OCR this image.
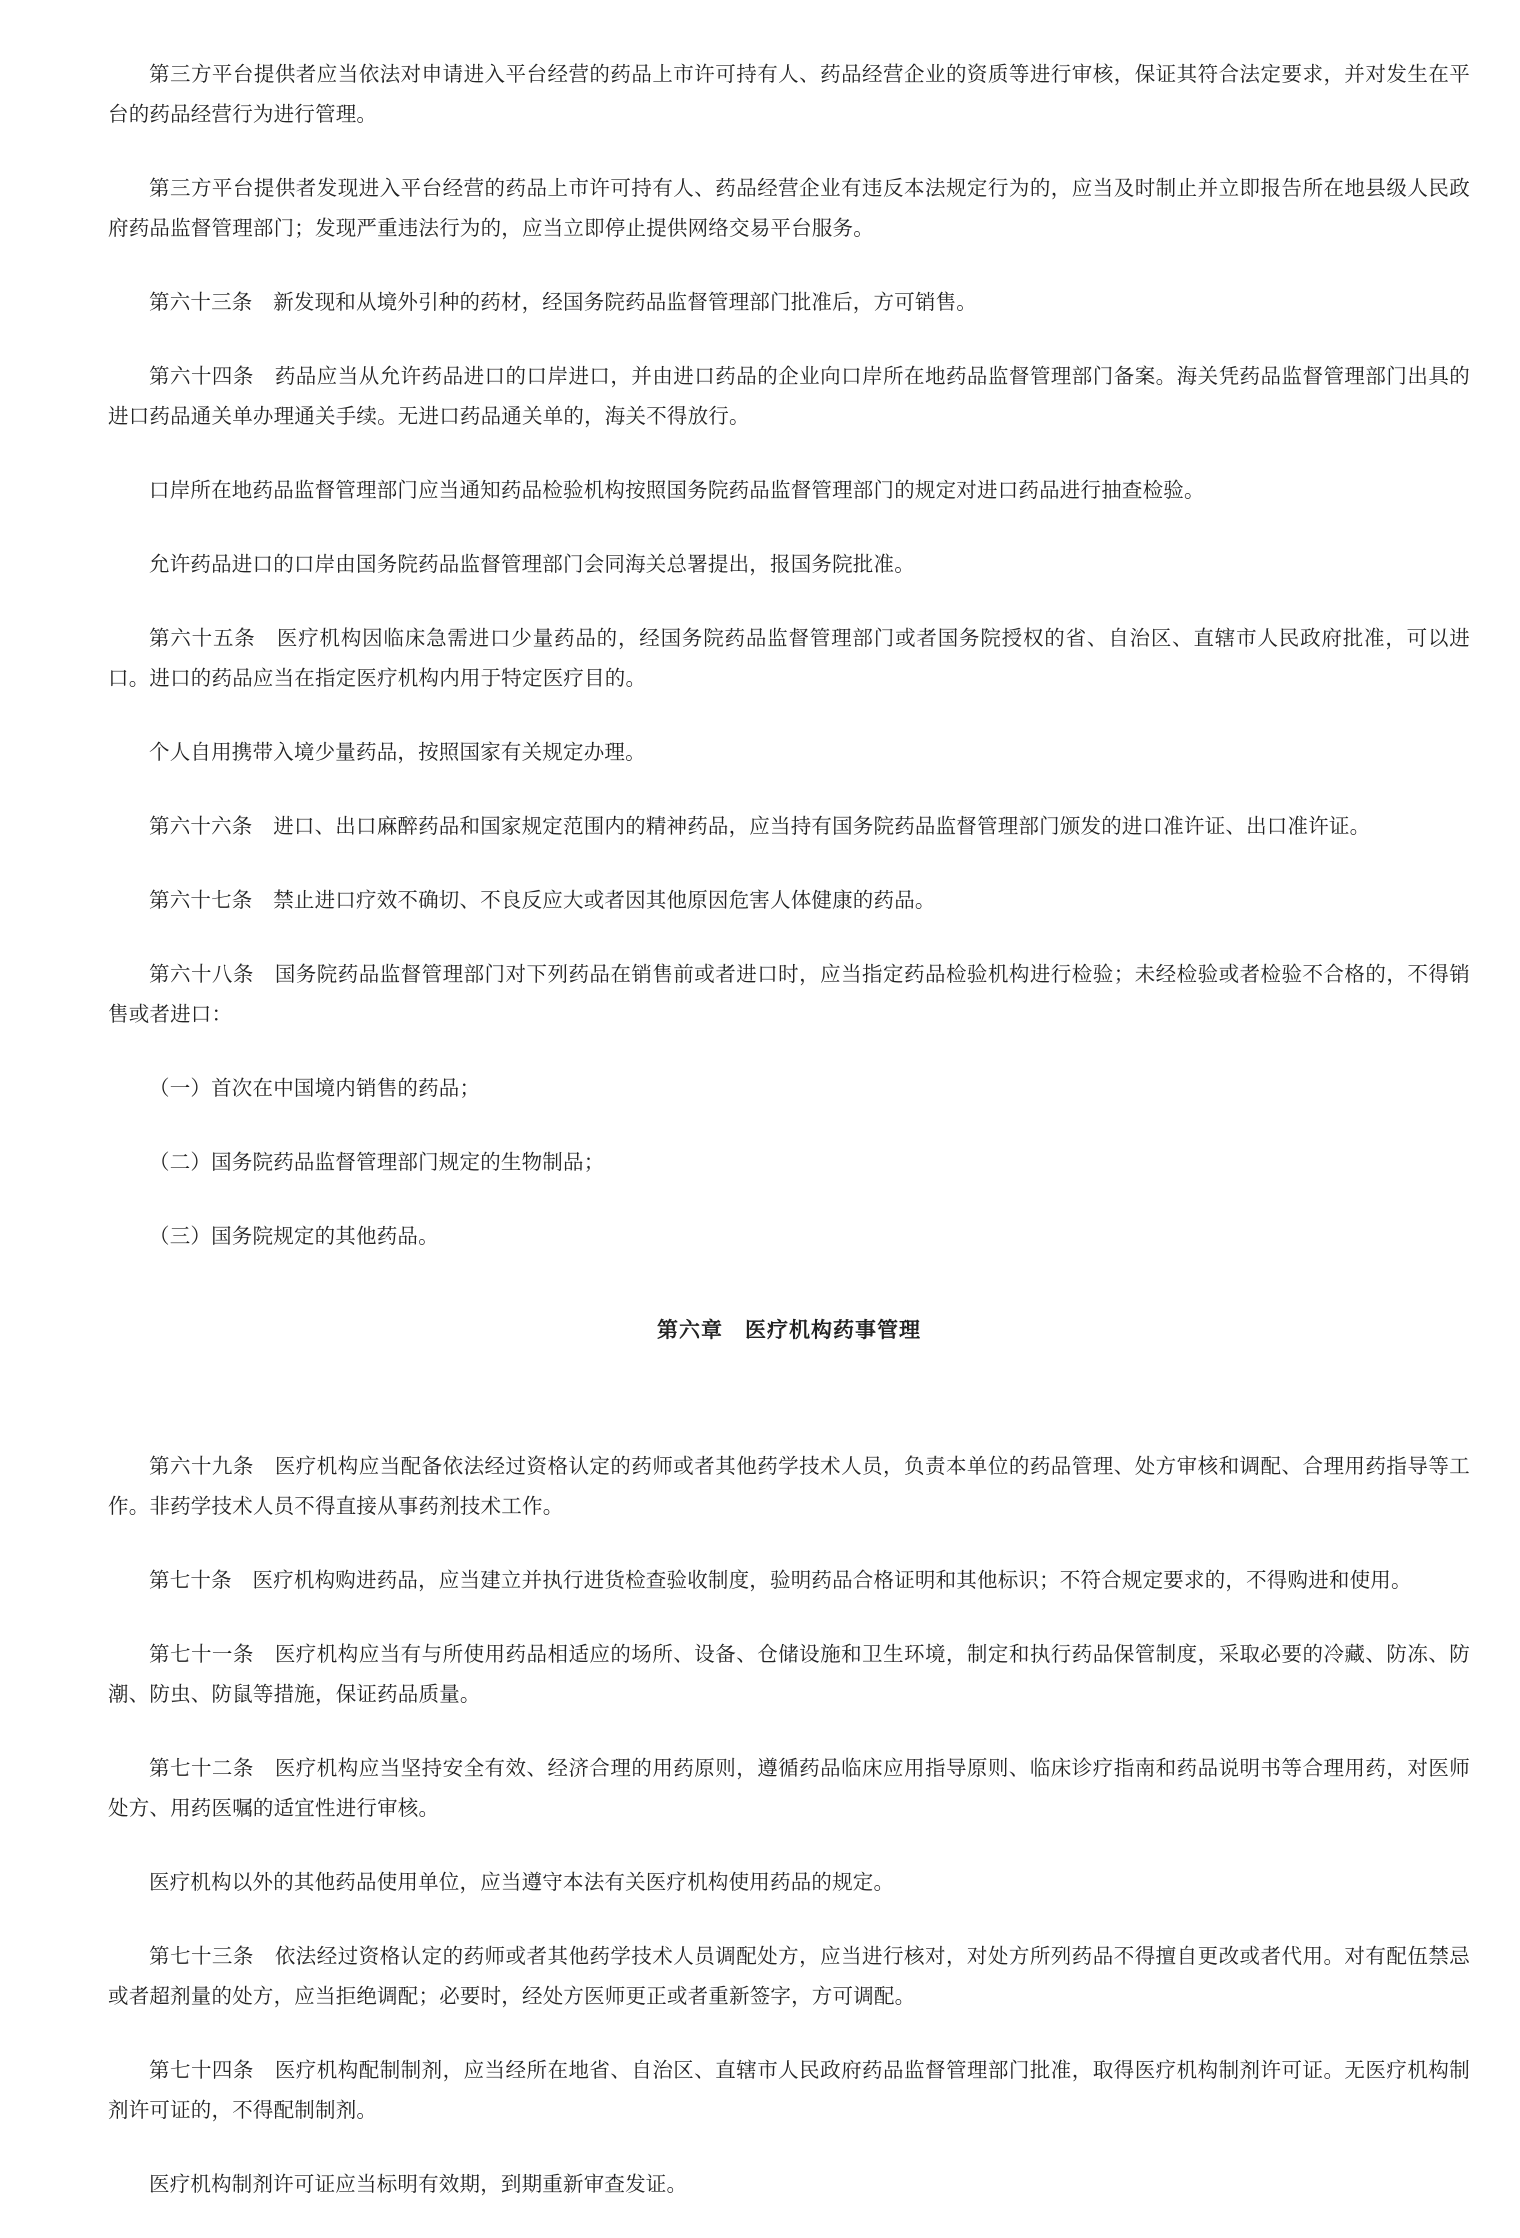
第三方平台提供者应当依法对申请进入平台经营的药品上市许可持有人、药品经营企业的资质等进行审核，保证其符合法定要求，并对发生在平台的药品经营行为进行管理。

第三方平台提供者发现进入平台经营的药品上市许可持有人、药品经营企业有违反本法规定行为的，应当及时制止并立即报告所在地县级人民政府药品监督管理部门；发现严重违法行为的，应当立即停止提供网络交易平台服务。

第六十三条　新发现和从境外引种的药材，经国务院药品监督管理部门批准后，方可销售。

第六十四条　药品应当从允许药品进口的口岸进口，并由进口药品的企业向口岸所在地药品监督管理部门备案。海关凭药品监督管理部门出具的进口药品通关单办理通关手续。无进口药品通关单的，海关不得放行。

口岸所在地药品监督管理部门应当通知药品检验机构按照国务院药品监督管理部门的规定对进口药品进行抽查检验。

允许药品进口的口岸由国务院药品监督管理部门会同海关总署提出，报国务院批准。

第六十五条　医疗机构因临床急需进口少量药品的，经国务院药品监督管理部门或者国务院授权的省、自治区、直辖市人民政府批准，可以进口。进口的药品应当在指定医疗机构内用于特定医疗目的。

个人自用携带入境少量药品，按照国家有关规定办理。

第六十六条　进口、出口麻醉药品和国家规定范围内的精神药品，应当持有国务院药品监督管理部门颁发的进口准许证、出口准许证。

第六十七条　禁止进口疗效不确切、不良反应大或者因其他原因危害人体健康的药品。

第六十八条　国务院药品监督管理部门对下列药品在销售前或者进口时，应当指定药品检验机构进行检验；未经检验或者检验不合格的，不得销售或者进口：

（一）首次在中国境内销售的药品；

（二）国务院药品监督管理部门规定的生物制品；

（三）国务院规定的其他药品。

第六章　医疗机构药事管理

第六十九条　医疗机构应当配备依法经过资格认定的药师或者其他药学技术人员，负责本单位的药品管理、处方审核和调配、合理用药指导等工作。非药学技术人员不得直接从事药剂技术工作。

第七十条　医疗机构购进药品，应当建立并执行进货检查验收制度，验明药品合格证明和其他标识；不符合规定要求的，不得购进和使用。

第七十一条　医疗机构应当有与所使用药品相适应的场所、设备、仓储设施和卫生环境，制定和执行药品保管制度，采取必要的冷藏、防冻、防潮、防虫、防鼠等措施，保证药品质量。

第七十二条　医疗机构应当坚持安全有效、经济合理的用药原则，遵循药品临床应用指导原则、临床诊疗指南和药品说明书等合理用药，对医师处方、用药医嘱的适宜性进行审核。

医疗机构以外的其他药品使用单位，应当遵守本法有关医疗机构使用药品的规定。

第七十三条　依法经过资格认定的药师或者其他药学技术人员调配处方，应当进行核对，对处方所列药品不得擅自更改或者代用。对有配伍禁忌或者超剂量的处方，应当拒绝调配；必要时，经处方医师更正或者重新签字，方可调配。

第七十四条　医疗机构配制制剂，应当经所在地省、自治区、直辖市人民政府药品监督管理部门批准，取得医疗机构制剂许可证。无医疗机构制剂许可证的，不得配制制剂。

医疗机构制剂许可证应当标明有效期，到期重新审查发证。
